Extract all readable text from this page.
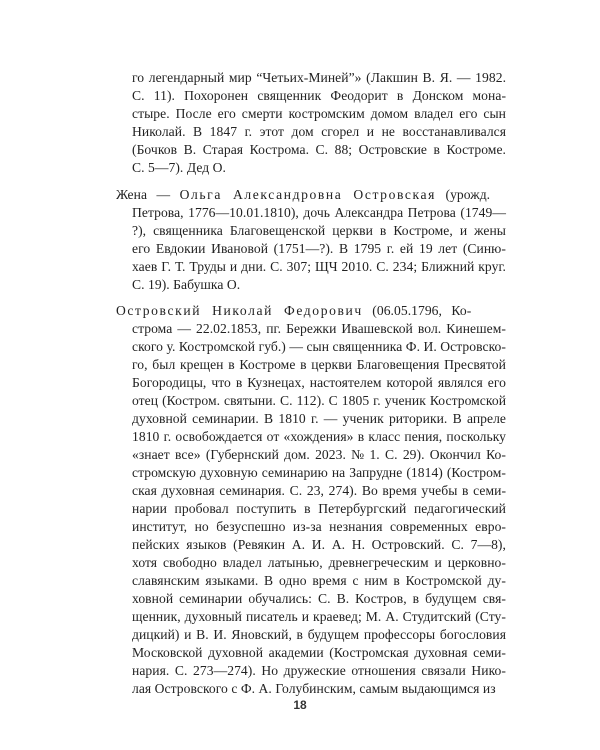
го легендарный мир “Четьих-Миней”» (Лакшин В. Я. — 1982.
С. 11). Похоронен священник Феодорит в Донском мона-
стыре. После его смерти костромским домом владел его сын
Николай. В 1847 г. этот дом сгорел и не восстанавливался
(Бочков В. Старая Кострома. С. 88; Островские в Костроме.
С. 5—7). Дед О.
Жена — Ольга Александровна Островская (урожд.
Петрова, 1776—10.01.1810), дочь Александра Петрова (1749—
?), священника Благовещенской церкви в Костроме, и жены
его Евдокии Ивановой (1751—?). В 1795 г. ей 19 лет (Синю-
хаев Г. Т. Труды и дни. С. 307; ЩЧ 2010. С. 234; Ближний круг.
С. 19). Бабушка О.
Островский Николай Федорович (06.05.1796, Ко-
строма — 22.02.1853, пг. Бережки Ивашевской вол. Кинешем-
ского у. Костромской губ.) — сын священника Ф. И. Островско-
го, был крещен в Костроме в церкви Благовещения Пресвятой
Богородицы, что в Кузнецах, настоятелем которой являлся его
отец (Костром. святыни. С. 112). С 1805 г. ученик Костромской
духовной семинарии. В 1810 г. — ученик риторики. В апреле
1810 г. освобождается от «хождения» в класс пения, поскольку
«знает все» (Губернский дом. 2023. № 1. С. 29). Окончил Ко-
стромскую духовную семинарию на Запрудне (1814) (Костром-
ская духовная семинария. С. 23, 274). Во время учебы в семи-
нарии пробовал поступить в Петербургский педагогический
институт, но безуспешно из-за незнания современных евро-
пейских языков (Ревякин А. И. А. Н. Островский. С. 7—8),
хотя свободно владел латынью, древнегреческим и церковно-
славянским языками. В одно время с ним в Костромской ду-
ховной семинарии обучались: С. В. Костров, в будущем свя-
щенник, духовный писатель и краевед; М. А. Студитский (Сту-
дицкий) и В. И. Яновский, в будущем профессоры богословия
Московской духовной академии (Костромская духовная семи-
нария. С. 273—274). Но дружеские отношения связали Нико-
лая Островского с Ф. А. Голубинским, самым выдающимся из
18
